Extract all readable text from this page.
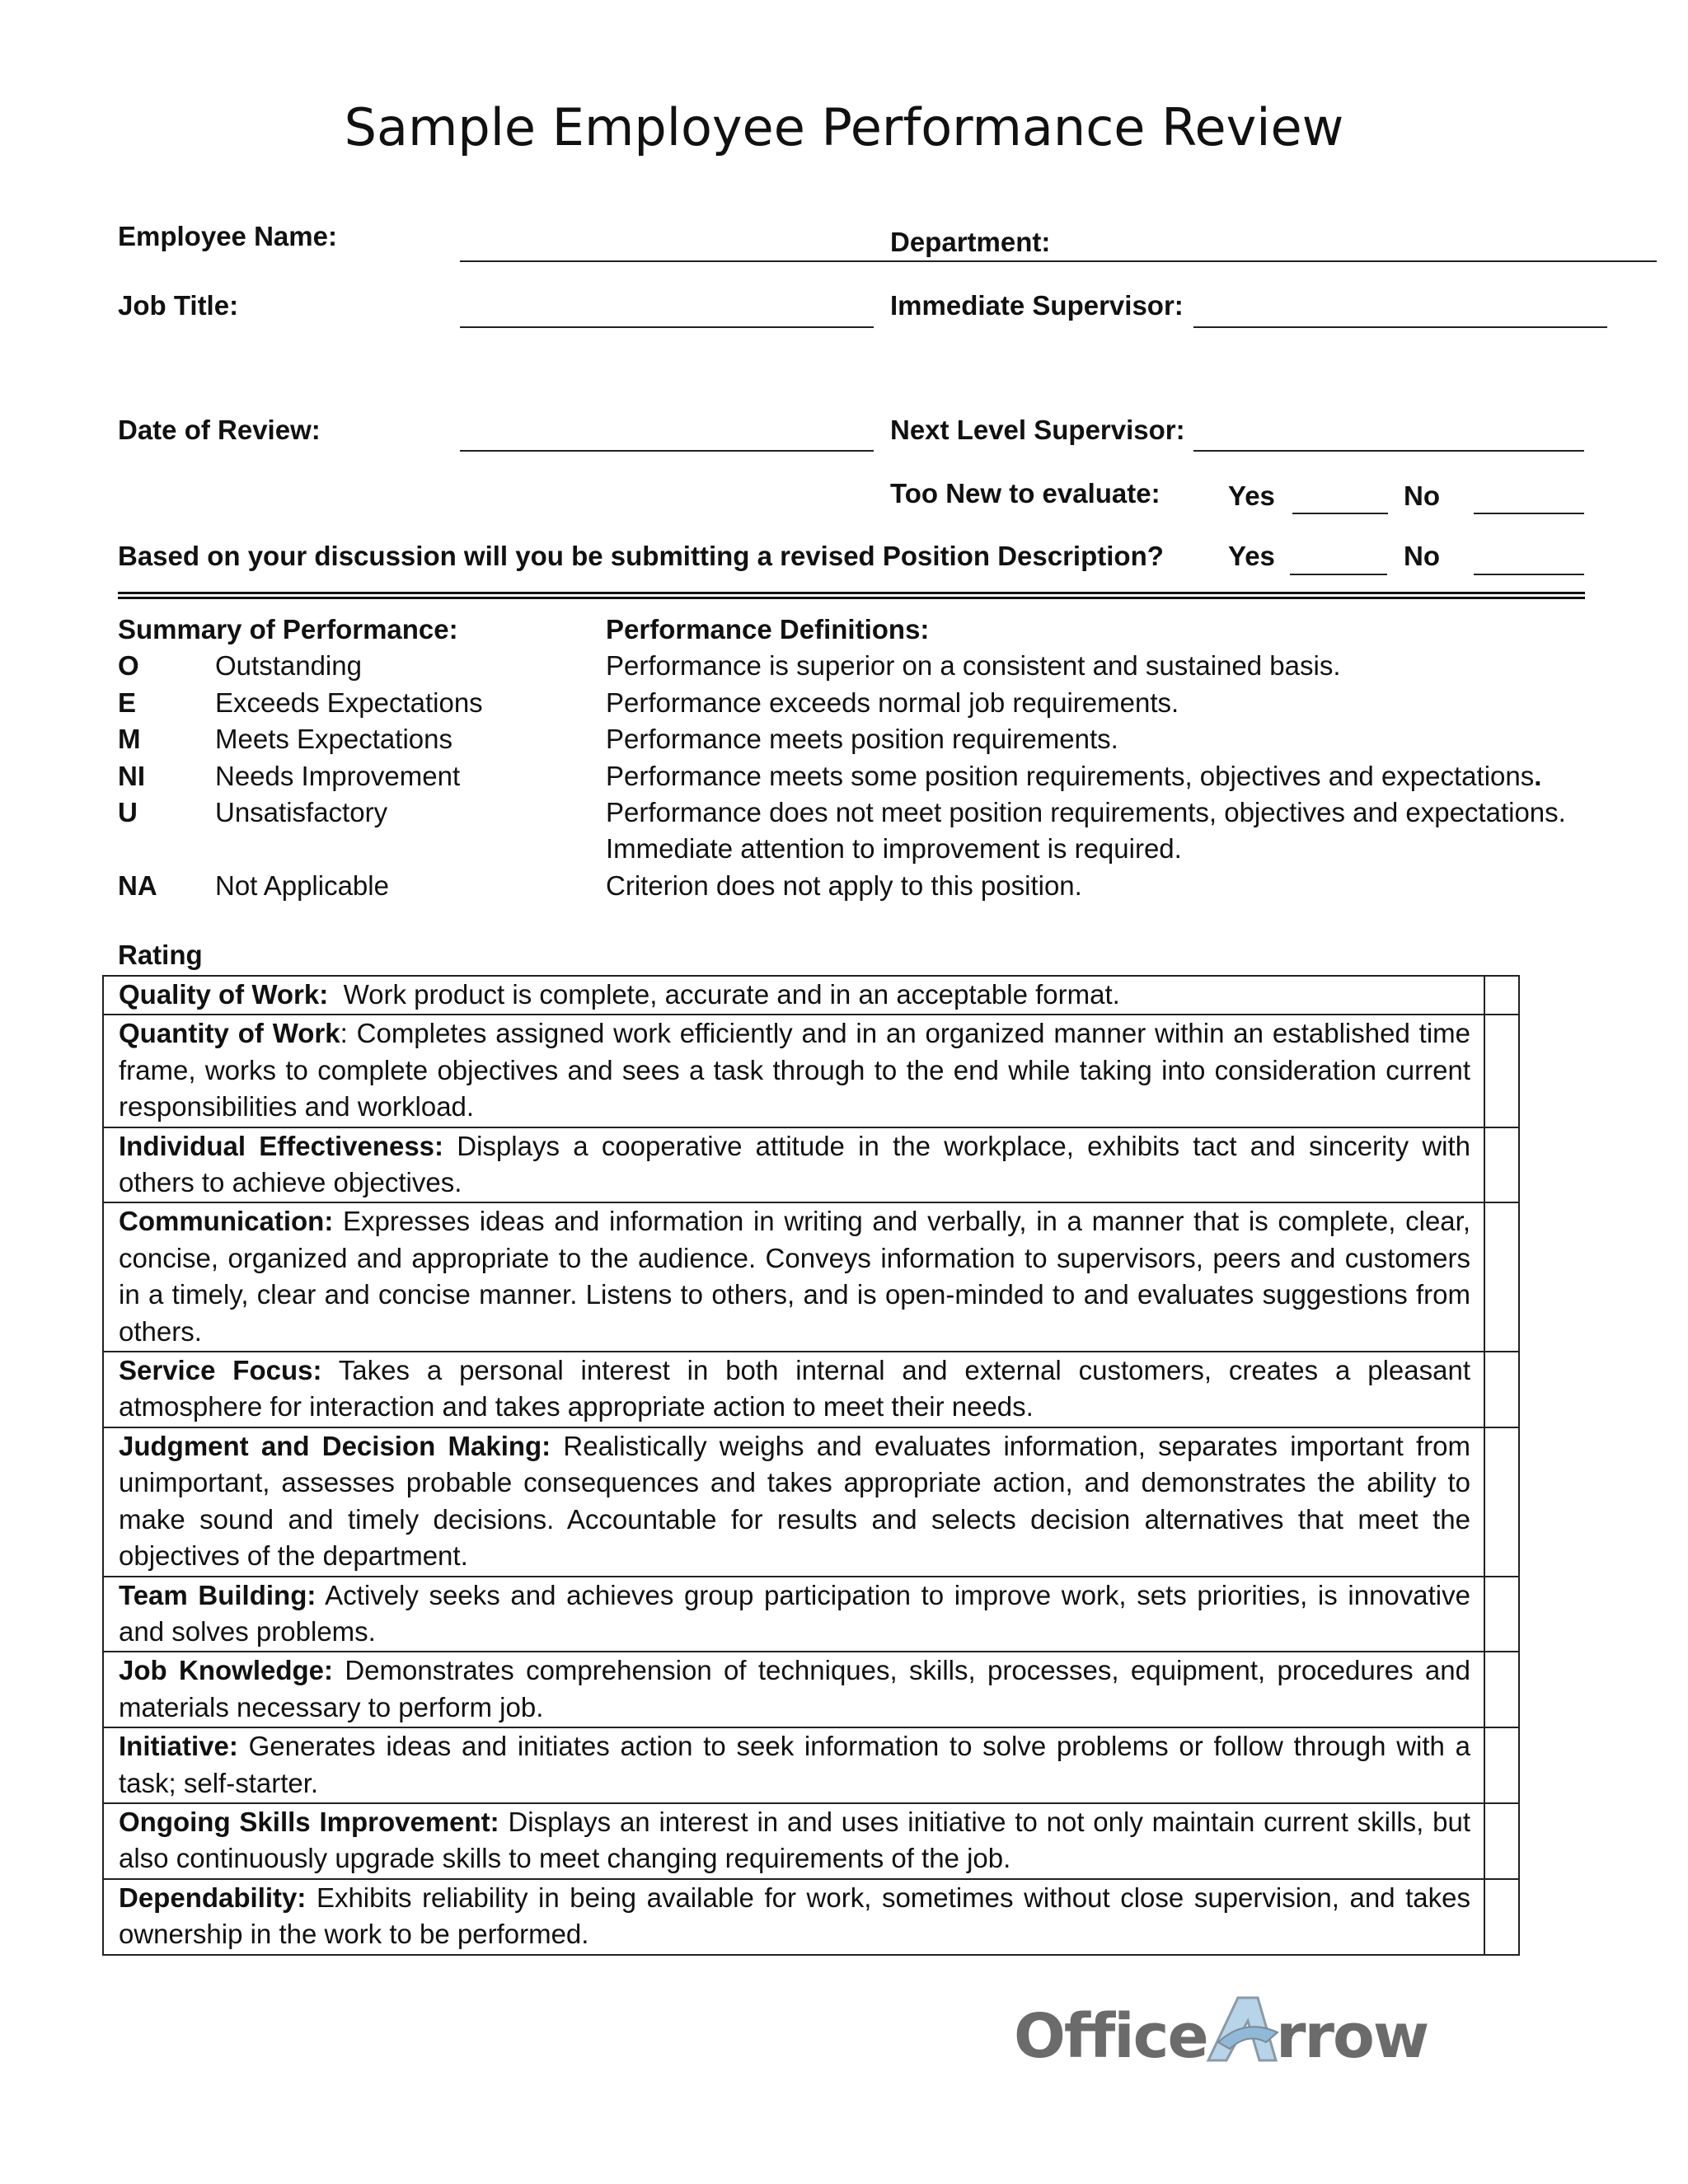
Sample Employee Performance Review
Employee Name:	Department:
Job Title:	Immediate Supervisor:
Date of Review:	Next Level Supervisor:
Too New to evaluate: Yes	No
Based on your discussion will you be submitting a revised Position Description? Yes	No
Summary of Performance:	Performance Definitions:
O	Outstanding	Performance is superior on a consistent and sustained basis.
E	Exceeds Expectations	Performance exceeds normal job requirements.
M	Meets Expectations	Performance meets position requirements.
NI	Needs Improvement	Performance meets some position requirements, objectives and expectations.
U	Unsatisfactory	Performance does not meet position requirements, objectives and expectations.
Immediate attention to improvement is required.
NA	Not Applicable	Criterion does not apply to this position.
Rating
Quality of Work:  Work product is complete, accurate and in an acceptable format.	
Quantity of Work: Completes assigned work efficiently and in an organized manner within an established time frame, works to complete objectives and sees a task through to the end while taking into consideration current responsibilities and workload.	
Individual Effectiveness: Displays a cooperative attitude in the workplace, exhibits tact and sincerity with others to achieve objectives.	
Communication: Expresses ideas and information in writing and verbally, in a manner that is complete, clear, concise, organized and appropriate to the audience. Conveys information to supervisors, peers and customers in a timely, clear and concise manner. Listens to others, and is open-minded to and evaluates suggestions from others.	
Service Focus: Takes a personal interest in both internal and external customers, creates a pleasant atmosphere for interaction and takes appropriate action to meet their needs.	
Judgment and Decision Making: Realistically weighs and evaluates information, separates important from unimportant, assesses probable consequences and takes appropriate action, and demonstrates the ability to make sound and timely decisions. Accountable for results and selects decision alternatives that meet the objectives of the department.	
Team Building: Actively seeks and achieves group participation to improve work, sets priorities, is innovative and solves problems.	
Job Knowledge: Demonstrates comprehension of techniques, skills, processes, equipment, procedures and materials necessary to perform job.	
Initiative: Generates ideas and initiates action to seek information to solve problems or follow through with a task; self-starter.	
Ongoing Skills Improvement: Displays an interest in and uses initiative to not only maintain current skills, but also continuously upgrade skills to meet changing requirements of the job.	
Dependability: Exhibits reliability in being available for work, sometimes without close supervision, and takes ownership in the work to be performed.	
Office rrow
